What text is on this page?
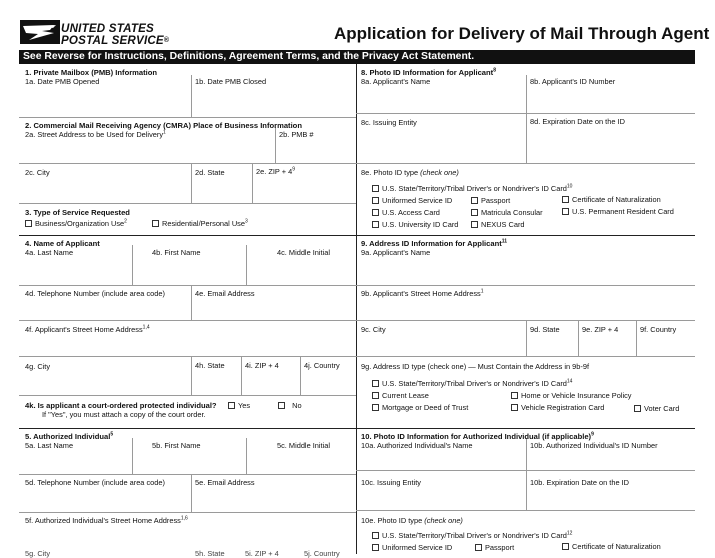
UNITED STATES
POSTAL SERVICE®	Application for Delivery of Mail Through Agent
See Reverse for Instructions, Definitions, Agreement Terms, and the Privacy Act Statement.
1. Private Mailbox (PMB) Information
1a. Date PMB Opened	1b. Date PMB Closed
2. Commercial Mail Receiving Agency (CMRA) Place of Business Information
2a. Street Address to be Used for Delivery$^1$	2b. PMB #
2c. City	2d. State	2e. ZIP + $4^9$
3. Type of Service Requested
Business/Organization Use$^2$	Residential/Personal Use$^3$
4. Name of Applicant
4a. Last Name	4b. First Name	4c. Middle Initial
4d. Telephone Number (include area code)	4e. Email Address
4f. Applicant's Street Home Address$^{1,4}$
4g. City	4h. State	4i. ZIP + 4	4j. Country
4k. Is applicant a court-ordered protected individual?	Yes	No
If "Yes", you must attach a copy of the court order.
5. Authorized Individual$^5$
5a. Last Name	5b. First Name	5c. Middle Initial
5d. Telephone Number (include area code)	5e. Email Address
5f. Authorized Individual's Street Home Address$^{1,6}$
5g. City	5h. State	5i. ZIP + 4	5j. Country
8. Photo ID Information for Applicant$^8$
8a. Applicant's Name	8b. Applicant's ID Number
8c. Issuing Entity	8d. Expiration Date on the ID
8e. Photo ID type (check one)
U.S. State/Territory/Tribal Driver's or Nondriver's ID Card$^{10}$
Uniformed Service ID	Passport	Certificate of Naturalization
U.S. Access Card	Matricula Consular	U.S. Permanent Resident Card
U.S. University ID Card	NEXUS Card
9. Address ID Information for Applicant$^{11}$
9a. Applicant's Name
9b. Applicant's Street Home Address$^1$
9c. City	9d. State	9e. ZIP + 4	9f. Country
9g. Address ID type (check one) — Must Contain the Address in 9b-9f
U.S. State/Territory/Tribal Driver's or Nondriver's ID Card$^{14}$
Current Lease	Home or Vehicle Insurance Policy
Mortgage or Deed of Trust	Vehicle Registration Card	Voter Card
10. Photo ID Information for Authorized Individual (if applicable)$^9$
10a. Authorized Individual's Name	10b. Authorized Individual's ID Number
10c. Issuing Entity	10b. Expiration Date on the ID
10e. Photo ID type (check one)
U.S. State/Territory/Tribal Driver's or Nondriver's ID Card$^{12}$
Uniformed Service ID	Passport	Certificate of Naturalization
